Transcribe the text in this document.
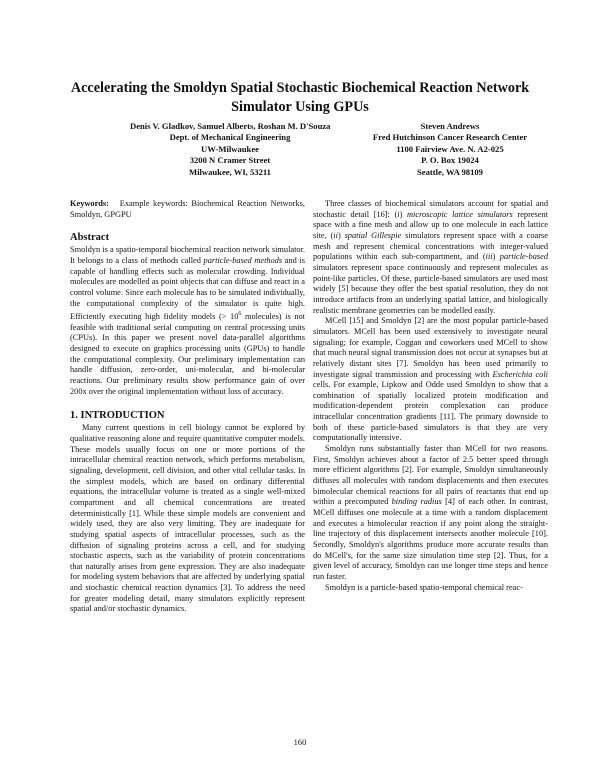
Accelerating the Smoldyn Spatial Stochastic Biochemical Reaction Network Simulator Using GPUs
Denis V. Gladkov, Samuel Alberts, Roshan M. D'Souza
Dept. of Mechanical Engineering
UW-Milwaukee
3200 N Cramer Street
Milwaukee, WI, 53211
Steven Andrews
Fred Hutchinson Cancer Research Center
1100 Fairview Ave. N. A2-025
P. O. Box 19024
Seattle, WA 98109

Keywords: Example keywords: Biochemical Reaction Networks, Smoldyn, GPGPU

Abstract

Smoldyn is a spatio-temporal biochemical reaction network simulator. It belongs to a class of methods called particle-based methods and is capable of handling effects such as molecular crowding. Individual molecules are modelled as point objects that can diffuse and react in a control volume. Since each molecule has to be simulated individually, the computational complexity of the simulator is quite high. Efficiently executing high fidelity models (> $10^6$ molecules) is not feasible with traditional serial computing on central processing units (CPUs). In this paper we present novel data-parallel algorithms designed to execute on graphics processing units (GPUs) to handle the computational complexity. Our preliminary implementation can handle diffusion, zero-order, uni-molecular, and bi-molecular reactions. Our preliminary results show performance gain of over 200x over the original implementation without loss of accuracy.

1. INTRODUCTION

Many current questions in cell biology cannot be explored by qualitative reasoning alone and require quantitative computer models. These models usually focus on one or more portions of the intracellular chemical reaction network, which performs metabolism, signaling, development, cell division, and other vital cellular tasks. In the simplest models, which are based on ordinary differential equations, the intracellular volume is treated as a single well-mixed compartment and all chemical concentrations are treated deterministically [1]. While these simple models are convenient and widely used, they are also very limiting. They are inadequate for studying spatial aspects of intracellular processes, such as the diffusion of signaling proteins across a cell, and for studying stochastic aspects, such as the variability of protein concentrations that naturally arises from gene expression. They are also inadequate for modeling system behaviors that are affected by underlying spatial and stochastic chemical reaction dynamics [3]. To address the need for greater modeling detail, many simulators explicitly represent spatial and/or stochastic dynamics.

Three classes of biochemical simulators account for spatial and stochastic detail [16]: (i) microscopic lattice simulators represent space with a fine mesh and allow up to one molecule in each lattice site, (ii) spatial Gillespie simulators represent space with a coarse mesh and represent chemical concentrations with integer-valued populations within each sub-compartment, and (iii) particle-based simulators represent space continuously and represent molecules as point-like particles. Of these, particle-based simulators are used most widely [5] because they offer the best spatial resolution, they do not introduce artifacts from an underlying spatial lattice, and biologically realistic membrane geometries can be modelled easily.

MCell [15] and Smoldyn [2] are the most popular particle-based simulators. MCell has been used extensively to investigate neural signaling; for example, Coggan and coworkers used MCell to show that much neural signal transmission does not occur at synapses but at relatively distant sites [7]. Smoldyn has been used primarily to investigate signal transmission and processing with Escherichia coli cells. For example, Lipkow and Odde used Smoldyn to show that a combination of spatially localized protein modification and modification-dependent protein complexation can produce intracellular concentration gradients [11]. The primary downside to both of these particle-based simulators is that they are very computationally intensive.

Smoldyn runs substantially faster than MCell for two reasons. First, Smoldyn achieves about a factor of 2.5 better speed through more efficient algorithms [2]. For example, Smoldyn simultaneously diffuses all molecules with random displacements and then executes bimolecular chemical reactions for all pairs of reactants that end up within a precomputed binding radius [4] of each other. In contrast, MCell diffuses one molecule at a time with a random displacement and executes a bimolecular reaction if any point along the straight-line trajectory of this displacement intersects another molecule [10]. Secondly, Smoldyn's algorithms produce more accurate results than do MCell's, for the same size simulation time step [2]. Thus, for a given level of accuracy, Smoldyn can use longer time steps and hence run faster.

Smoldyn is a particle-based spatio-temporal chemical reac-

160
